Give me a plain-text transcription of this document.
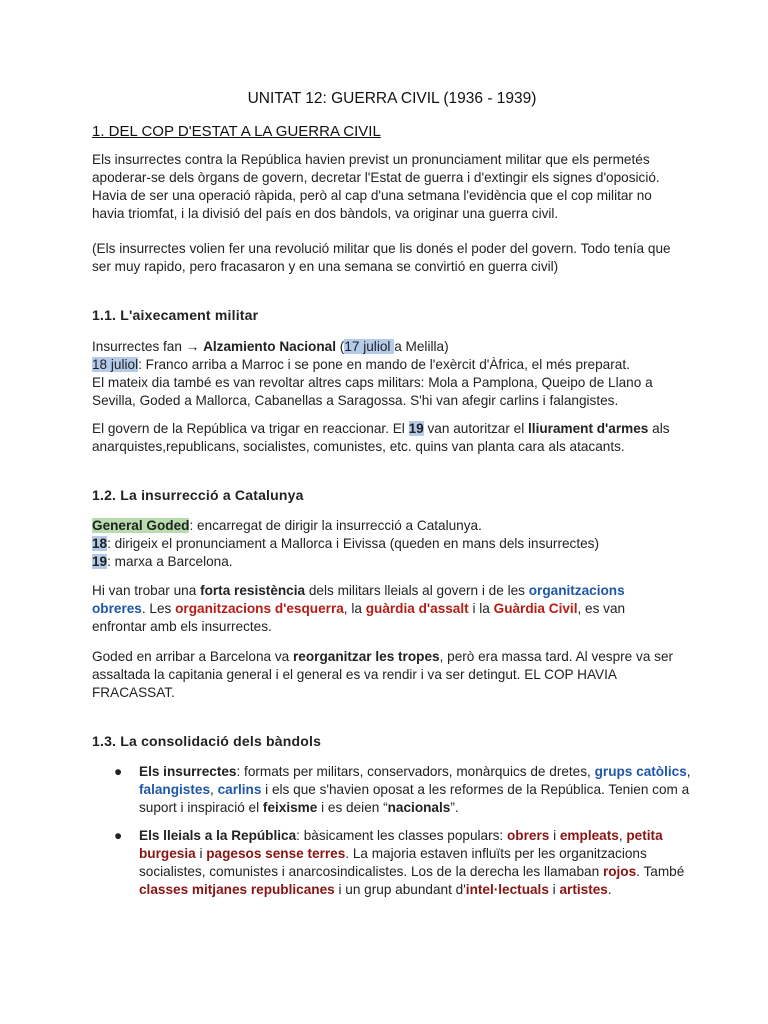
UNITAT 12: GUERRA CIVIL (1936 - 1939)
1. DEL COP D'ESTAT A LA GUERRA CIVIL

Els insurrectes contra la República havien previst un pronunciament militar que els permetés apoderar-se dels òrgans de govern, decretar l'Estat de guerra i d'extingir els signes d'oposició. Havia de ser una operació ràpida, però al cap d'una setmana l'evidència que el cop militar no havia triomfat, i la divisió del país en dos bàndols, va originar una guerra civil.

(Els insurrectes volien fer una revolució militar que lis donés el poder del govern. Todo tenía que ser muy rapido, pero fracasaron y en una semana se convirtió en guerra civil)

1.1. L'aixecament militar

Insurrectes fan → Alzamiento Nacional (17 juliol a Melilla)
18 juliol: Franco arriba a Marroc i se pone en mando de l'exèrcit d'Àfrica, el més preparat.
El mateix dia també es van revoltar altres caps militars: Mola a Pamplona, Queipo de Llano a Sevilla, Goded a Mallorca, Cabanellas a Saragossa. S'hi van afegir carlins i falangistes.

El govern de la República va trigar en reaccionar. El 19 van autoritzar el lliurament d'armes als anarquistes,republicans, socialistes, comunistes, etc. quins van planta cara als atacants.

1.2. La insurrecció a Catalunya

General Goded: encarregat de dirigir la insurrecció a Catalunya.
18: dirigeix el pronunciament a Mallorca i Eivissa (queden en mans dels insurrectes)
19: marxa a Barcelona.

Hi van trobar una forta resistència dels militars lleials al govern i de les organitzacions obreres. Les organitzacions d'esquerra, la guàrdia d'assalt i la Guàrdia Civil, es van enfrontar amb els insurrectes.

Goded en arribar a Barcelona va reorganitzar les tropes, però era massa tard. Al vespre va ser assaltada la capitania general i el general es va rendir i va ser detingut. EL COP HAVIA FRACASSAT.

1.3. La consolidació dels bàndols
● Els insurrectes: formats per militars, conservadors, monàrquics de dretes, grups catòlics, falangistes, carlins i els que s'havien oposat a les reformes de la República. Tenien com a suport i inspiració el feixisme i es deien “nacionals”.
● Els lleials a la República: bàsicament les classes populars: obrers i empleats, petita burgesia i pagesos sense terres. La majoria estaven influïts per les organitzacions socialistes, comunistes i anarcosindicalistes. Los de la derecha les llamaban rojos. També classes mitjanes republicanes i un grup abundant d'intel·lectuals i artistes.
